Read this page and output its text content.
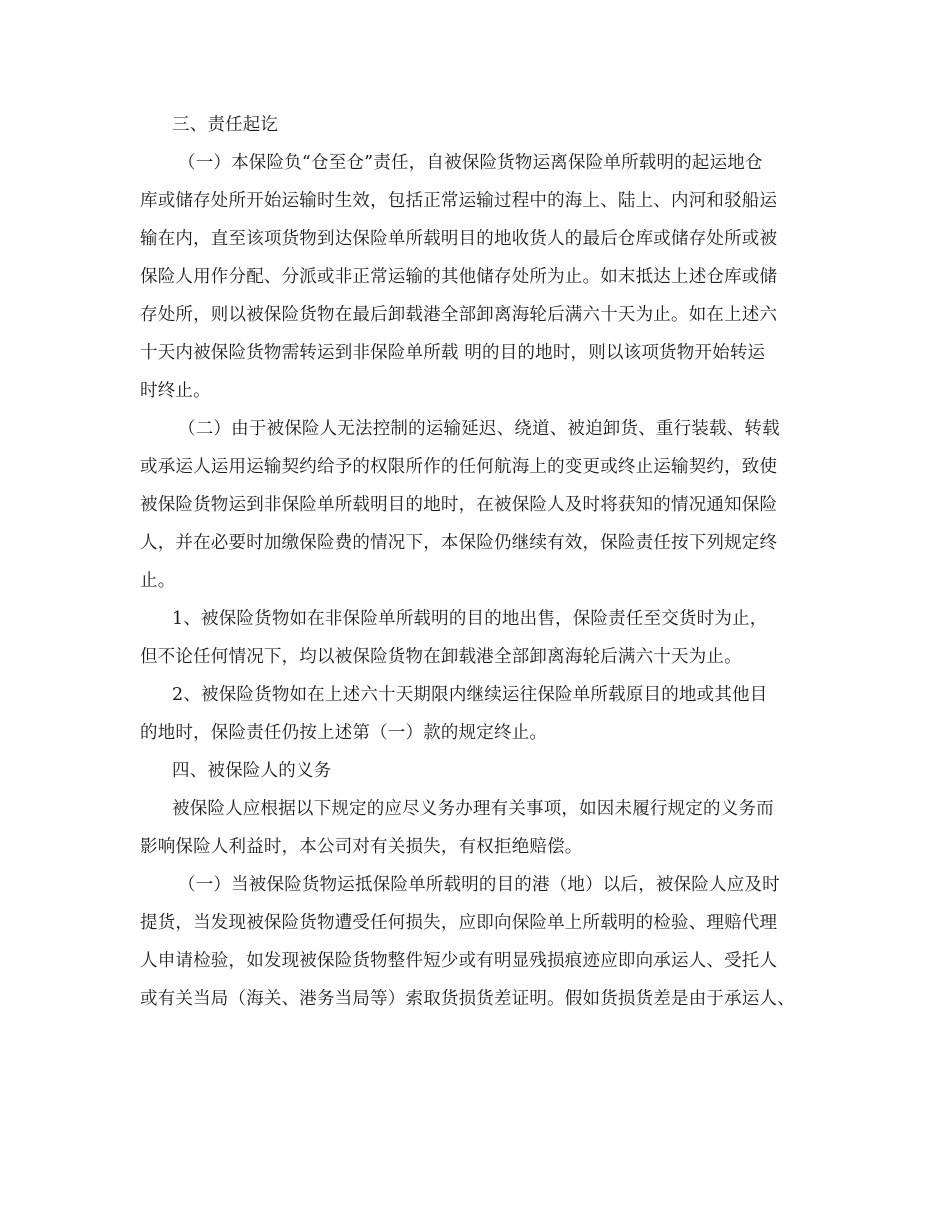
三、责任起讫
（一）本保险负“仓至仓”责任，自被保险货物运离保险单所载明的起运地仓
库或储存处所开始运输时生效，包括正常运输过程中的海上、陆上、内河和驳船运
输在内，直至该项货物到达保险单所载明目的地收货人的最后仓库或储存处所或被
保险人用作分配、分派或非正常运输的其他储存处所为止。如末抵达上述仓库或储
存处所，则以被保险货物在最后卸载港全部卸离海轮后满六十天为止。如在上述六
十天内被保险货物需转运到非保险单所载 明的目的地时，则以该项货物开始转运
时终止。
（二）由于被保险人无法控制的运输延迟、绕道、被迫卸货、重行装载、转载
或承运人运用运输契约给予的权限所作的任何航海上的变更或终止运输契约，致使
被保险货物运到非保险单所载明目的地时，在被保险人及时将获知的情况通知保险
人，并在必要时加缴保险费的情况下，本保险仍继续有效，保险责任按下列规定终
止。
1、被保险货物如在非保险单所载明的目的地出售，保险责任至交货时为止，
但不论任何情况下，均以被保险货物在卸载港全部卸离海轮后满六十天为止。
2、被保险货物如在上述六十天期限内继续运往保险单所载原目的地或其他目
的地时，保险责任仍按上述第（一）款的规定终止。
四、被保险人的义务
被保险人应根据以下规定的应尽义务办理有关事项，如因未履行规定的义务而
影响保险人利益时，本公司对有关损失，有权拒绝赔偿。
（一）当被保险货物运抵保险单所载明的目的港（地）以后，被保险人应及时
提货，当发现被保险货物遭受任何损失，应即向保险单上所载明的检验、理赔代理
人申请检验，如发现被保险货物整件短少或有明显残损痕迹应即向承运人、受托人
或有关当局（海关、港务当局等）索取货损货差证明。假如货损货差是由于承运人、
